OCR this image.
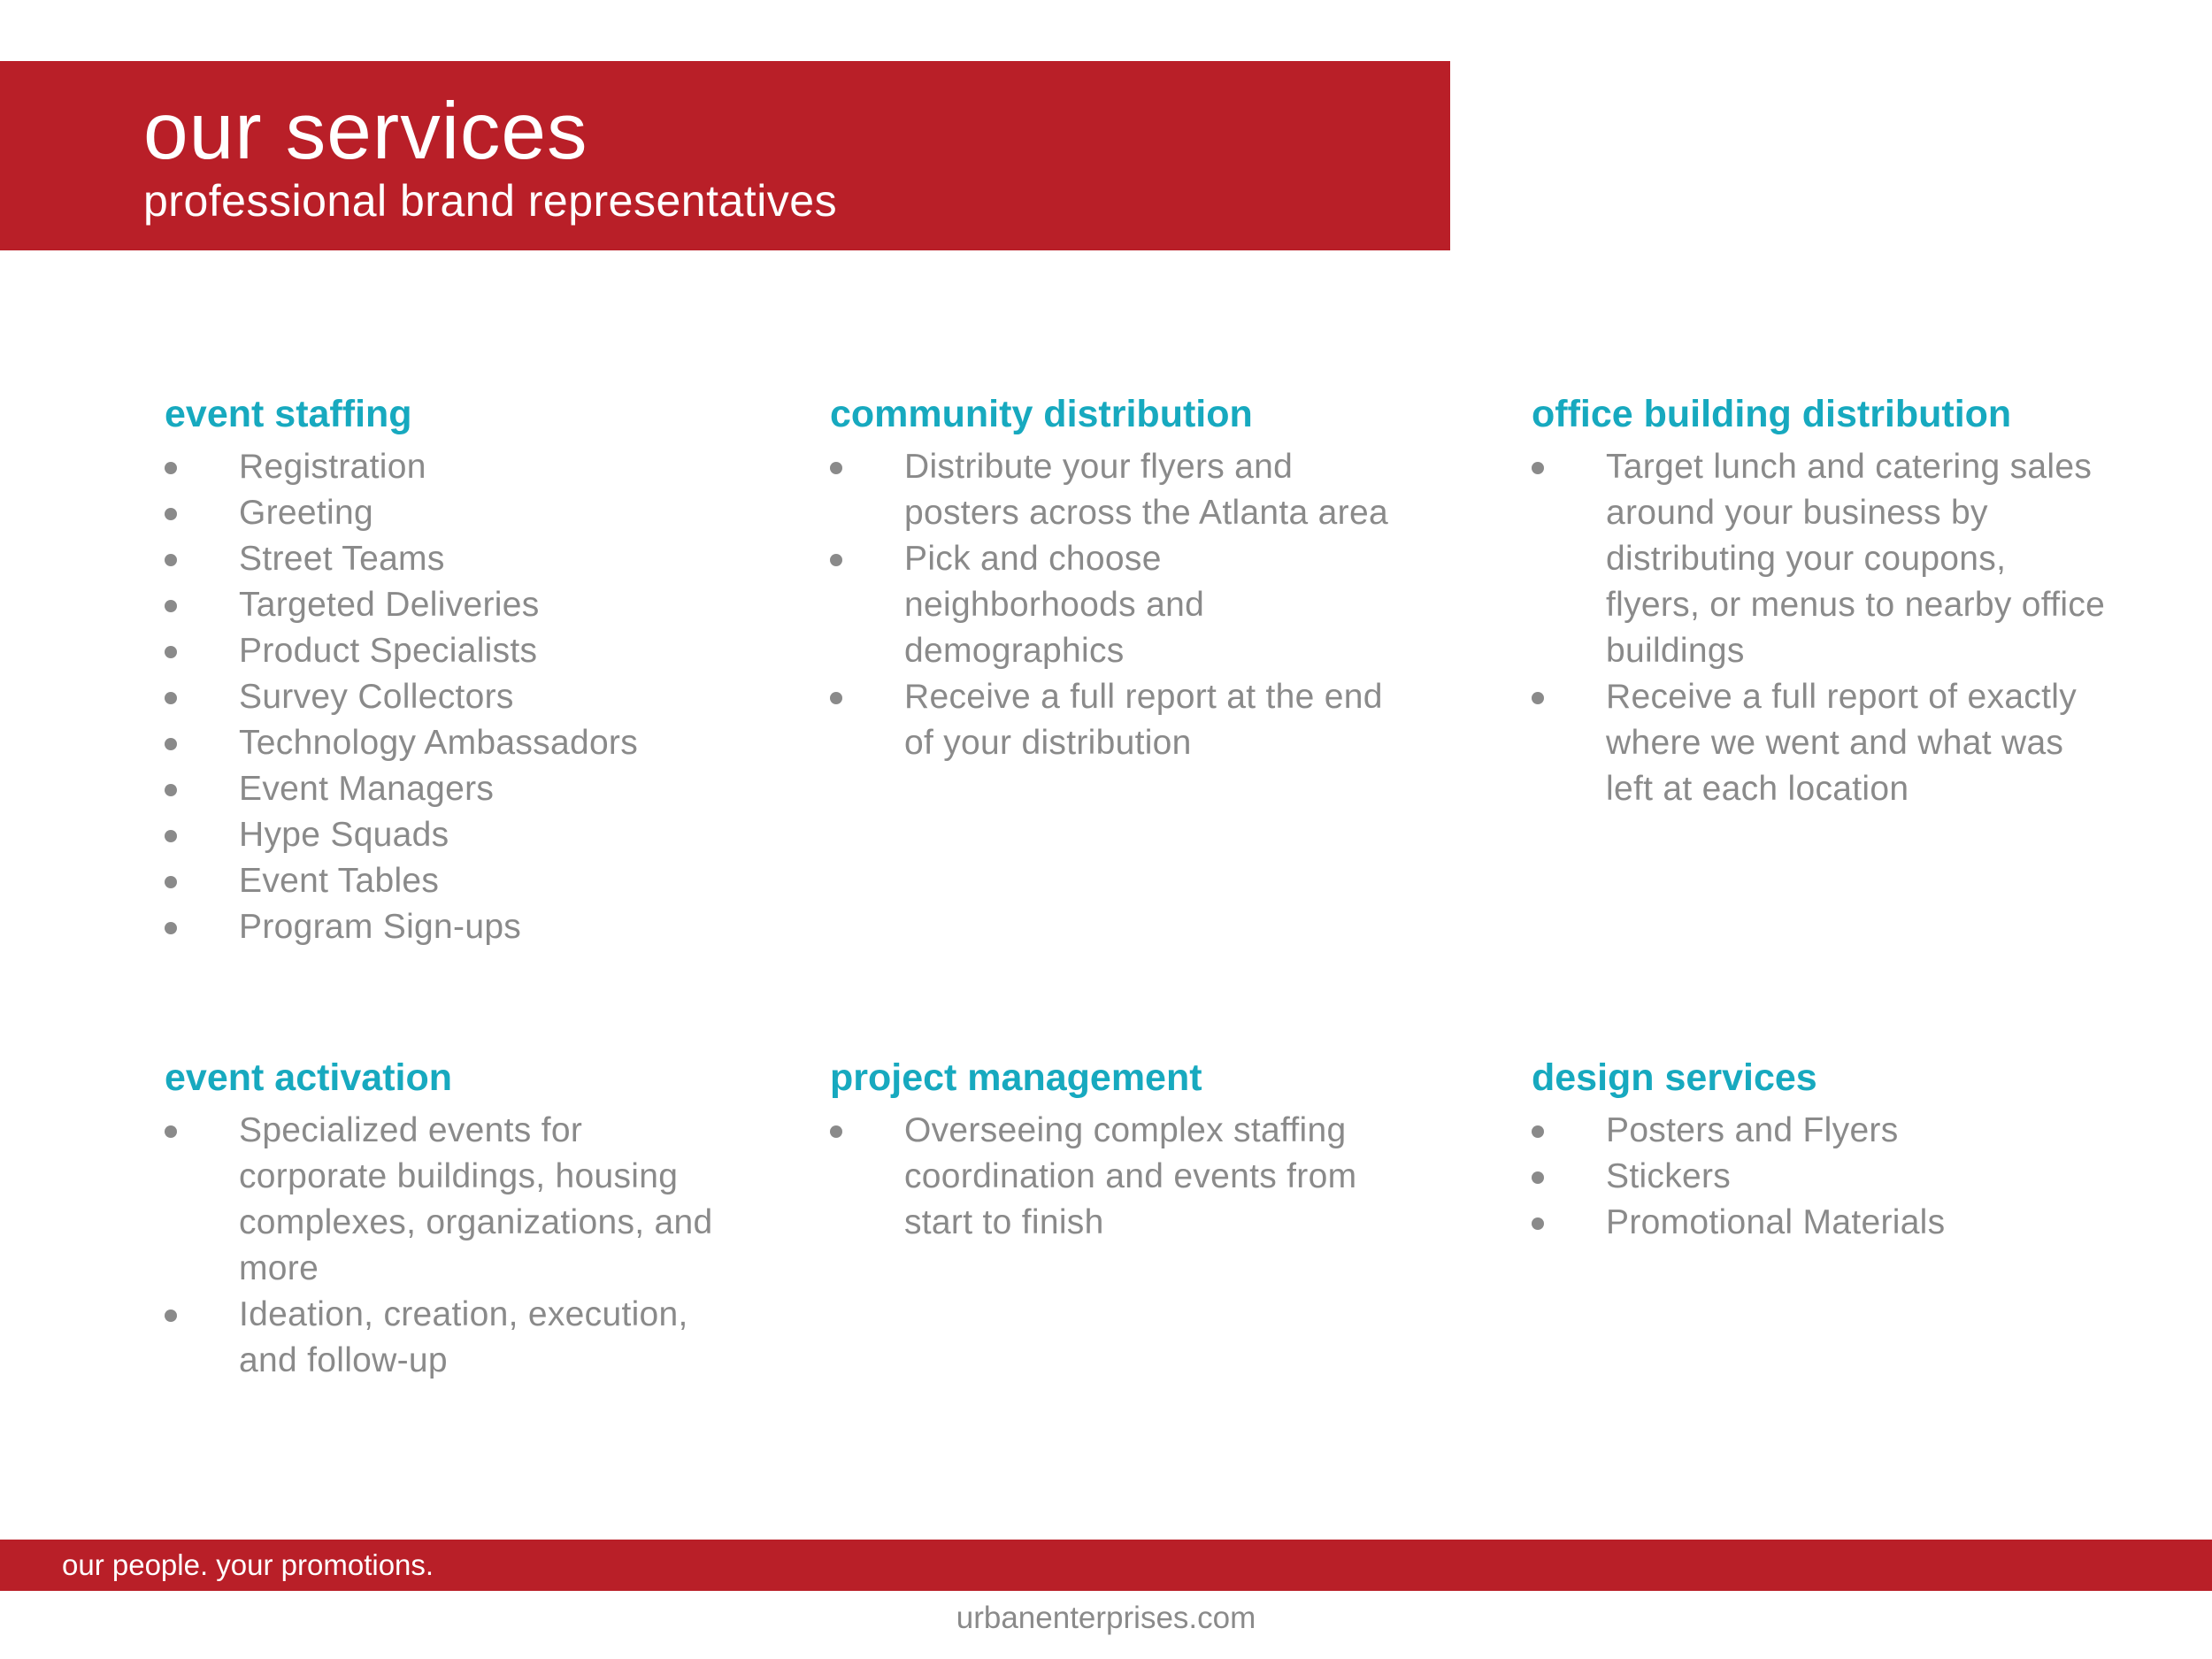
our services
professional brand representatives
event staffing
Registration
Greeting
Street Teams
Targeted Deliveries
Product Specialists
Survey Collectors
Technology Ambassadors
Event Managers
Hype Squads
Event Tables
Program Sign-ups
community distribution
Distribute your flyers and posters across the Atlanta area
Pick and choose neighborhoods and demographics
Receive a full report at the end of your distribution
office building distribution
Target lunch and catering sales around your business by distributing your coupons, flyers, or menus to nearby office buildings
Receive a full report of exactly where we went and what was left at each location
event activation
Specialized events for corporate buildings, housing complexes, organizations, and more
Ideation, creation, execution, and follow-up
project management
Overseeing complex staffing coordination and events from start to finish
design services
Posters and Flyers
Stickers
Promotional Materials
our people. your promotions.
urbanenterprises.com
